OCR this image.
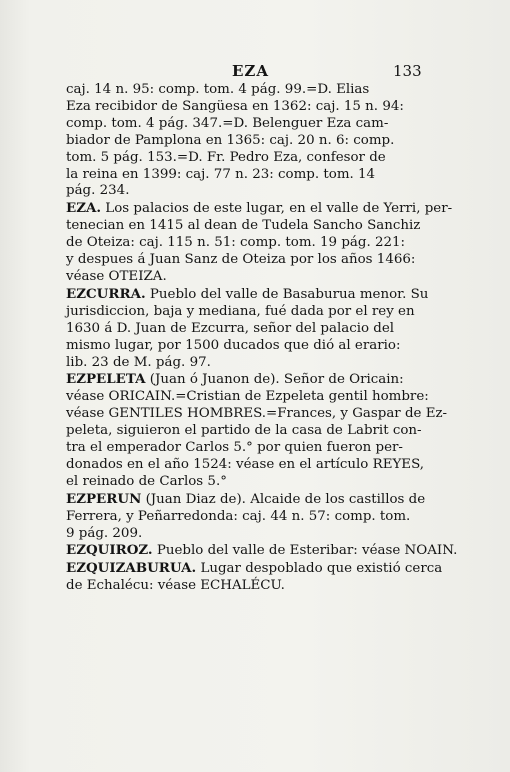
EZA	133
caj. 14 n. 95: comp. tom. 4 pág. 99.=D. Elias
Eza recibidor de Sangüesa en 1362: caj. 15 n. 94:
comp. tom. 4 pág. 347.=D. Belenguer Eza cam-
biador de Pamplona en 1365: caj. 20 n. 6: comp.
tom. 5 pág. 153.=D. Fr. Pedro Eza, confesor de
la reina en 1399: caj. 77 n. 23: comp. tom. 14
pág. 234.
EZA. Los palacios de este lugar, en el valle de Yerri, per-
tenecian en 1415 al dean de Tudela Sancho Sanchiz
de Oteiza: caj. 115 n. 51: comp. tom. 19 pág. 221:
y despues á Juan Sanz de Oteiza por los años 1466:
véase OTEIZA.
EZCURRA. Pueblo del valle de Basaburua menor. Su
jurisdiccion, baja y mediana, fué dada por el rey en
1630 á D. Juan de Ezcurra, señor del palacio del
mismo lugar, por 1500 ducados que dió al erario:
lib. 23 de M. pág. 97.
EZPELETA (Juan ó Juanon de). Señor de Oricain:
véase ORICAIN.=Cristian de Ezpeleta gentil hombre:
véase GENTILES HOMBRES.=Frances, y Gaspar de Ez-
peleta, siguieron el partido de la casa de Labrit con-
tra el emperador Carlos 5.° por quien fueron per-
donados en el año 1524: véase en el artículo REYES,
el reinado de Carlos 5.°
EZPERUN (Juan Diaz de). Alcaide de los castillos de
Ferrera, y Peñarredonda: caj. 44 n. 57: comp. tom.
9 pág. 209.
EZQUIROZ. Pueblo del valle de Esteribar: véase NOAIN.
EZQUIZABURUA. Lugar despoblado que existió cerca
de Echalécu: véase ECHALÉCU.
